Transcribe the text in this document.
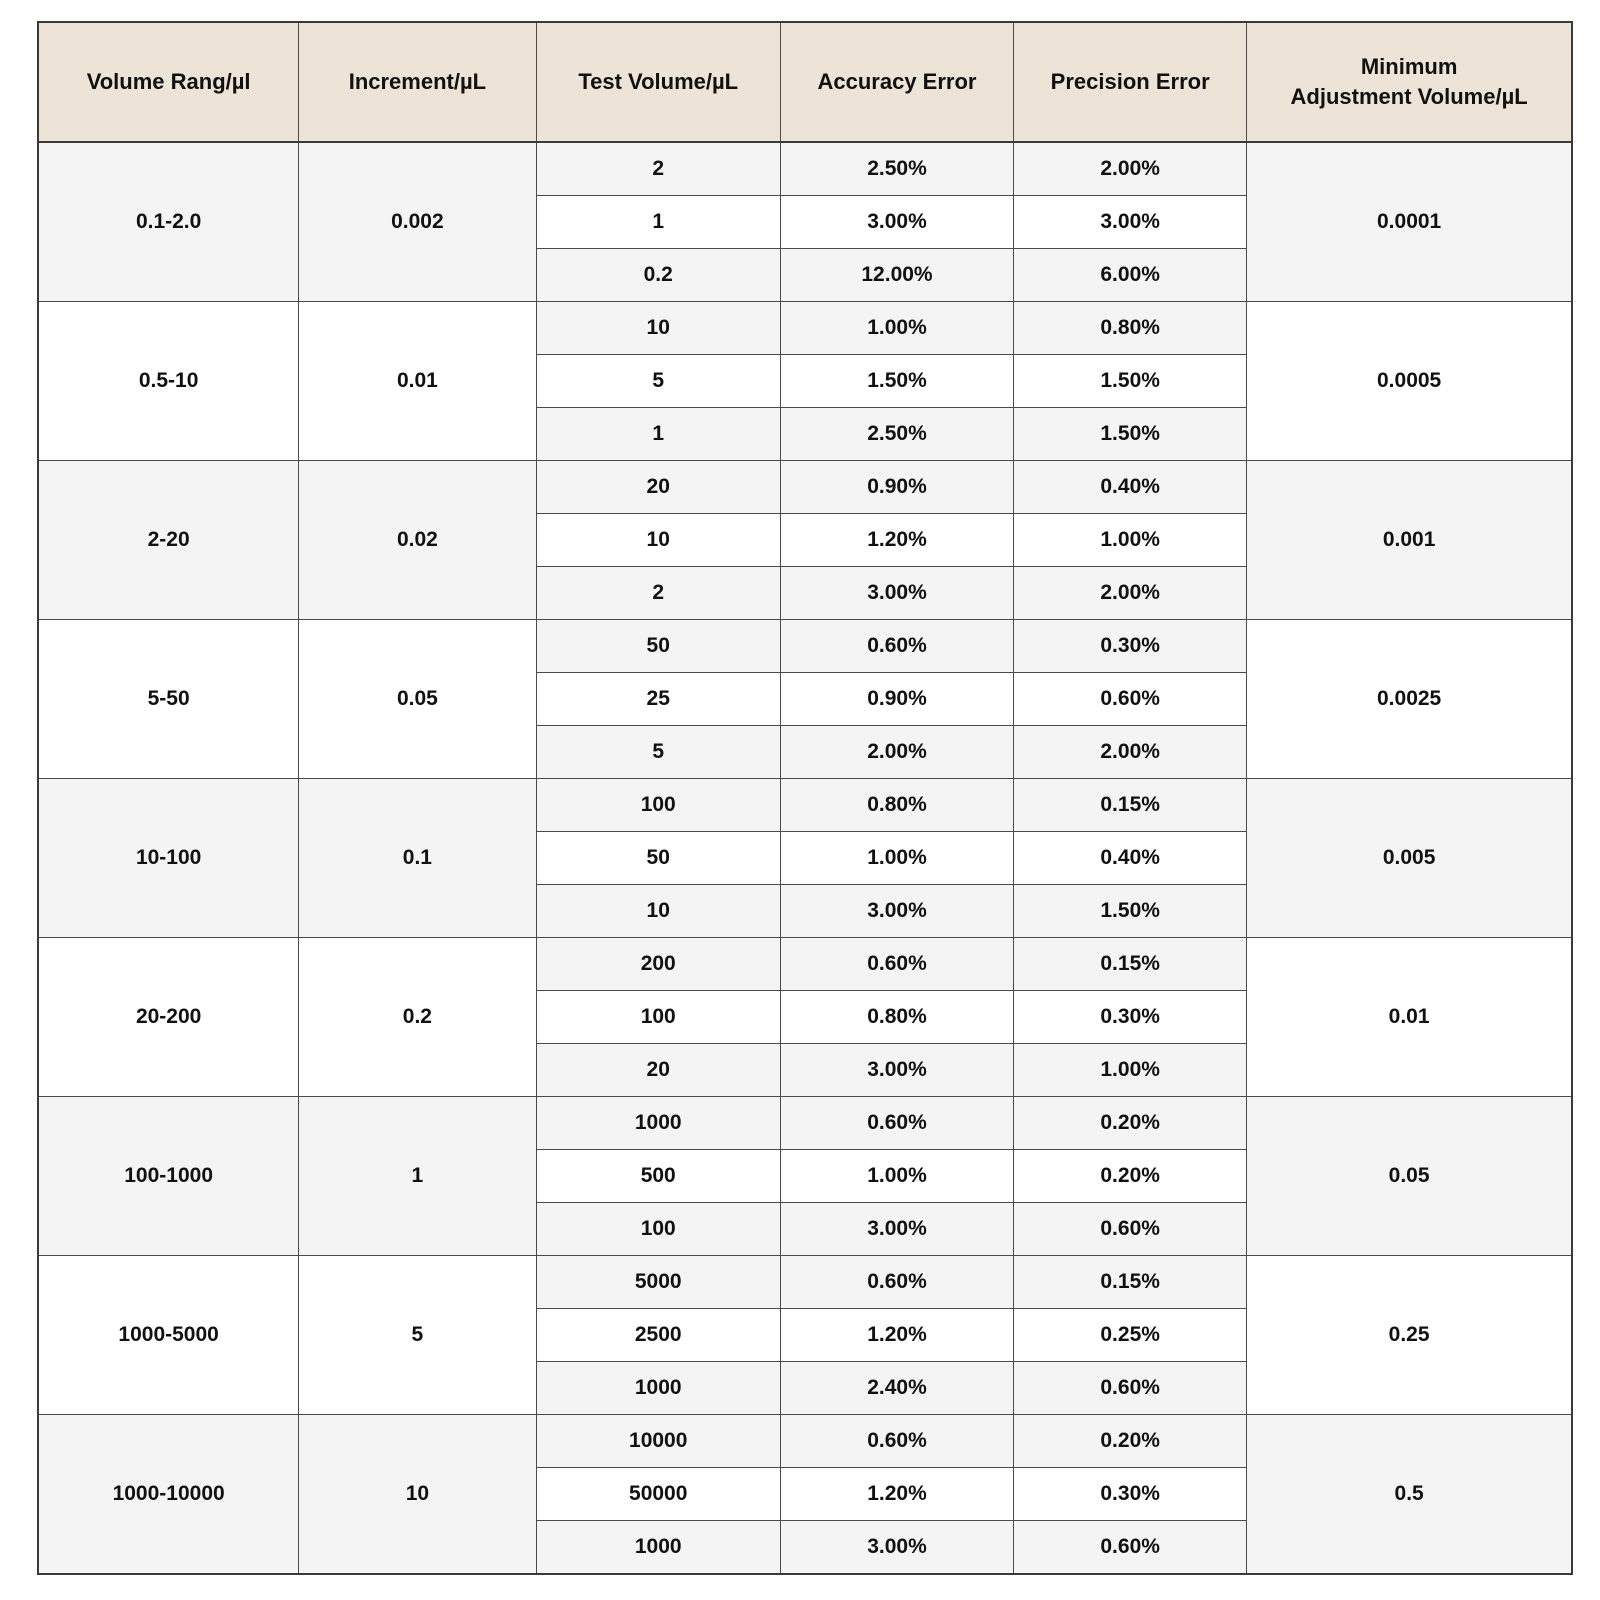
Volume Rang/µl	Increment/µL	Test Volume/µL	Accuracy Error	Precision Error	Minimum
Adjustment Volume/µL

0.1-2.0	0.002	2	2.50%	2.00%	0.0001
		1	3.00%	3.00%	
		0.2	12.00%	6.00%	
0.5-10	0.01	10	1.00%	0.80%	0.0005
		5	1.50%	1.50%	
		1	2.50%	1.50%	
2-20	0.02	20	0.90%	0.40%	0.001
		10	1.20%	1.00%	
		2	3.00%	2.00%	
5-50	0.05	50	0.60%	0.30%	0.0025
		25	0.90%	0.60%	
		5	2.00%	2.00%	
10-100	0.1	100	0.80%	0.15%	0.005
		50	1.00%	0.40%	
		10	3.00%	1.50%	
20-200	0.2	200	0.60%	0.15%	0.01
		100	0.80%	0.30%	
		20	3.00%	1.00%	
100-1000	1	1000	0.60%	0.20%	0.05
		500	1.00%	0.20%	
		100	3.00%	0.60%	
1000-5000	5	5000	0.60%	0.15%	0.25
		2500	1.20%	0.25%	
		1000	2.40%	0.60%	
1000-10000	10	10000	0.60%	0.20%	0.5
		50000	1.20%	0.30%	
		1000	3.00%	0.60%	
